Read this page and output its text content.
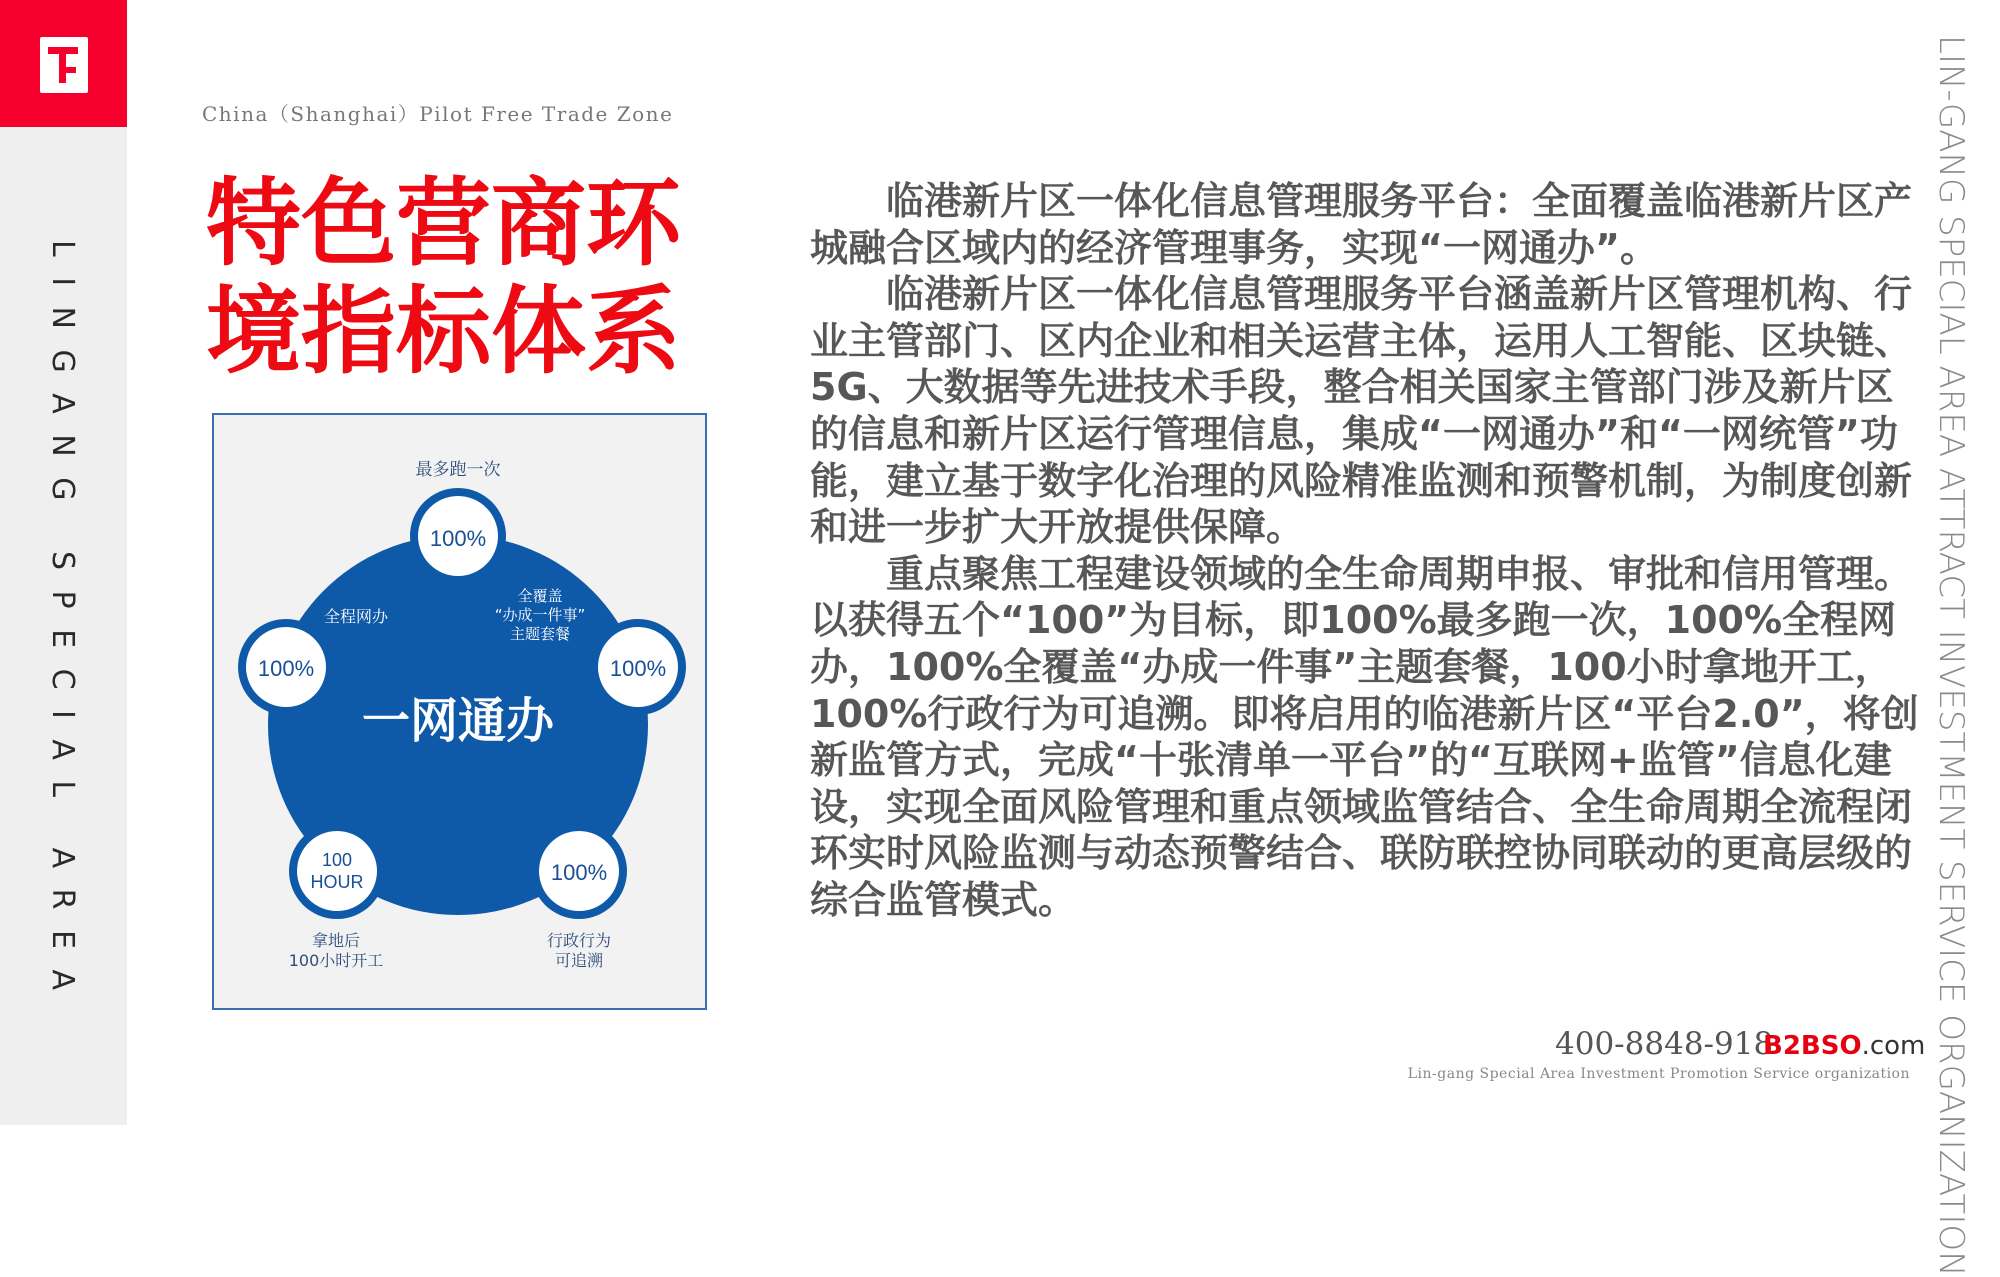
LINGANG SPECIAL AREA
China（Shanghai）Pilot Free Trade Zone
特色营商环
境指标体系
100%
100%
100%
100
HOUR
100%
一网通办
最多跑一次
全覆盖
“办成一件事”
主题套餐
全程网办
拿地后
100小时开工
行政行为
可追溯

临港新片区一体化信息管理服务平台：全面覆盖临港新片区产城融合区域内的经济管理事务，实现“一网通办”。

临港新片区一体化信息管理服务平台涵盖新片区管理机构、行业主管部门、区内企业和相关运营主体，运用人工智能、区块链、5G、大数据等先进技术手段，整合相关国家主管部门涉及新片区的信息和新片区运行管理信息，集成“一网通办”和“一网统管”功能，建立基于数字化治理的风险精准监测和预警机制，为制度创新和进一步扩大开放提供保障。

重点聚焦工程建设领域的全生命周期申报、审批和信用管理。以获得五个“100”为目标，即100%最多跑一次，100%全程网办，100%全覆盖“办成一件事”主题套餐，100小时拿地开工，100%行政行为可追溯。即将启用的临港新片区“平台2.0”，将创新监管方式，完成“十张清单一平台”的“互联网+监管”信息化建设，实现全面风险管理和重点领域监管结合、全生命周期全流程闭环实时风险监测与动态预警结合、联防联控协同联动的更高层级的综合监管模式。	LIN-GANG SPECIAL AREA ATTRACT INVESTMENT SERVICE ORGANIZATION
400-8848-918
B2BSO.com
Lin-gang Special Area Investment Promotion Service organization
